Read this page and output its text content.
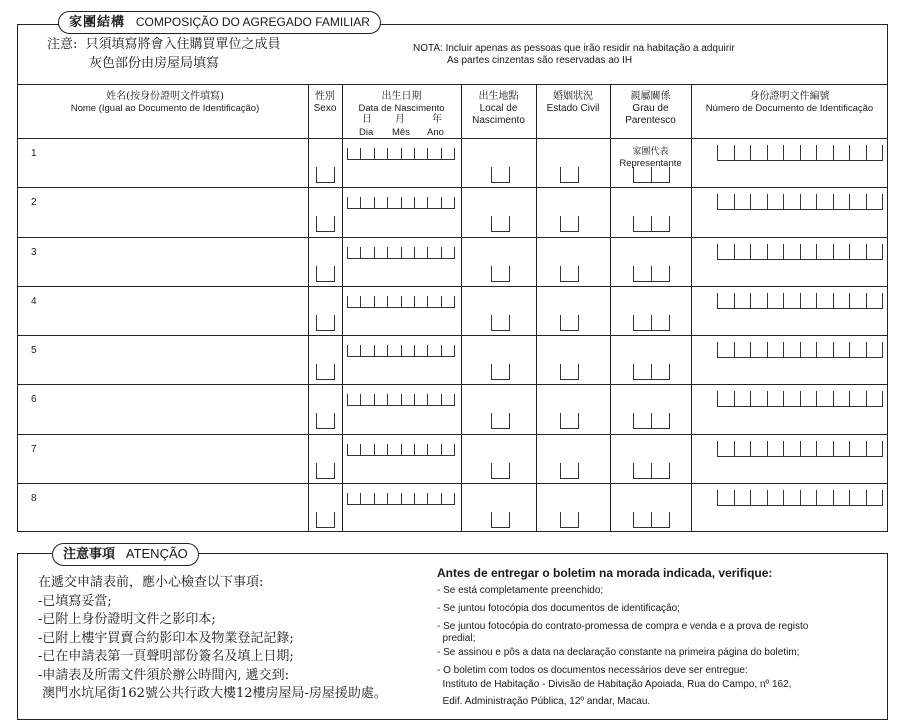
家團結構 COMPOSIÇÃO DO AGREGADO FAMILIAR
注意: 只須填寫將會入住購買單位之成員
灰色部份由房屋局填寫
NOTA: Incluir apenas as pessoas que irão residir na habitação a adquirir
As partes cinzentas são reservadas ao IH
姓名(按身份證明文件填寫)
Nome (Igual ao Documento de Identificação)
性別
Sexo
出生日期
Data de Nascimento
日 月	年
Dia Mês Ano
出生地點
Local de
Nascimento
婚姻狀況
Estado Civil
親屬關係
Grau de
Parentesco
身份證明文件編號
Número de Documento de Identificação
1
2
3
4
5
6
7
8
家團代表
Representante
注意事項 ATENÇÃO
在遞交申請表前，應小心檢查以下事項:
-已填寫妥當;
-已附上身份證明文件之影印本;
-已附上樓宇買賣合約影印本及物業登記記錄;
-已在申請表第一頁聲明部份簽名及填上日期;
-申請表及所需文件須於辦公時間內, 遞交到:
澳門水坑尾街162號公共行政大樓12樓房屋局-房屋援助處。
Antes de entregar o boletim na morada indicada, verifique:
- Se está completamente preenchido;
- Se juntou fotocópia dos documentos de identificação;
- Se juntou fotocópia do contrato-promessa de compra e venda e a prova de registo
predial;
- Se assinou e pôs a data na declaração constante na primeira página do boletim;
- O boletim com todos os documentos necessários deve ser entregue:
Instituto de Habitação - Divisão de Habitação Apoiada, Rua do Campo, nº 162,
Edif. Administração Pública, 12º andar, Macau.
